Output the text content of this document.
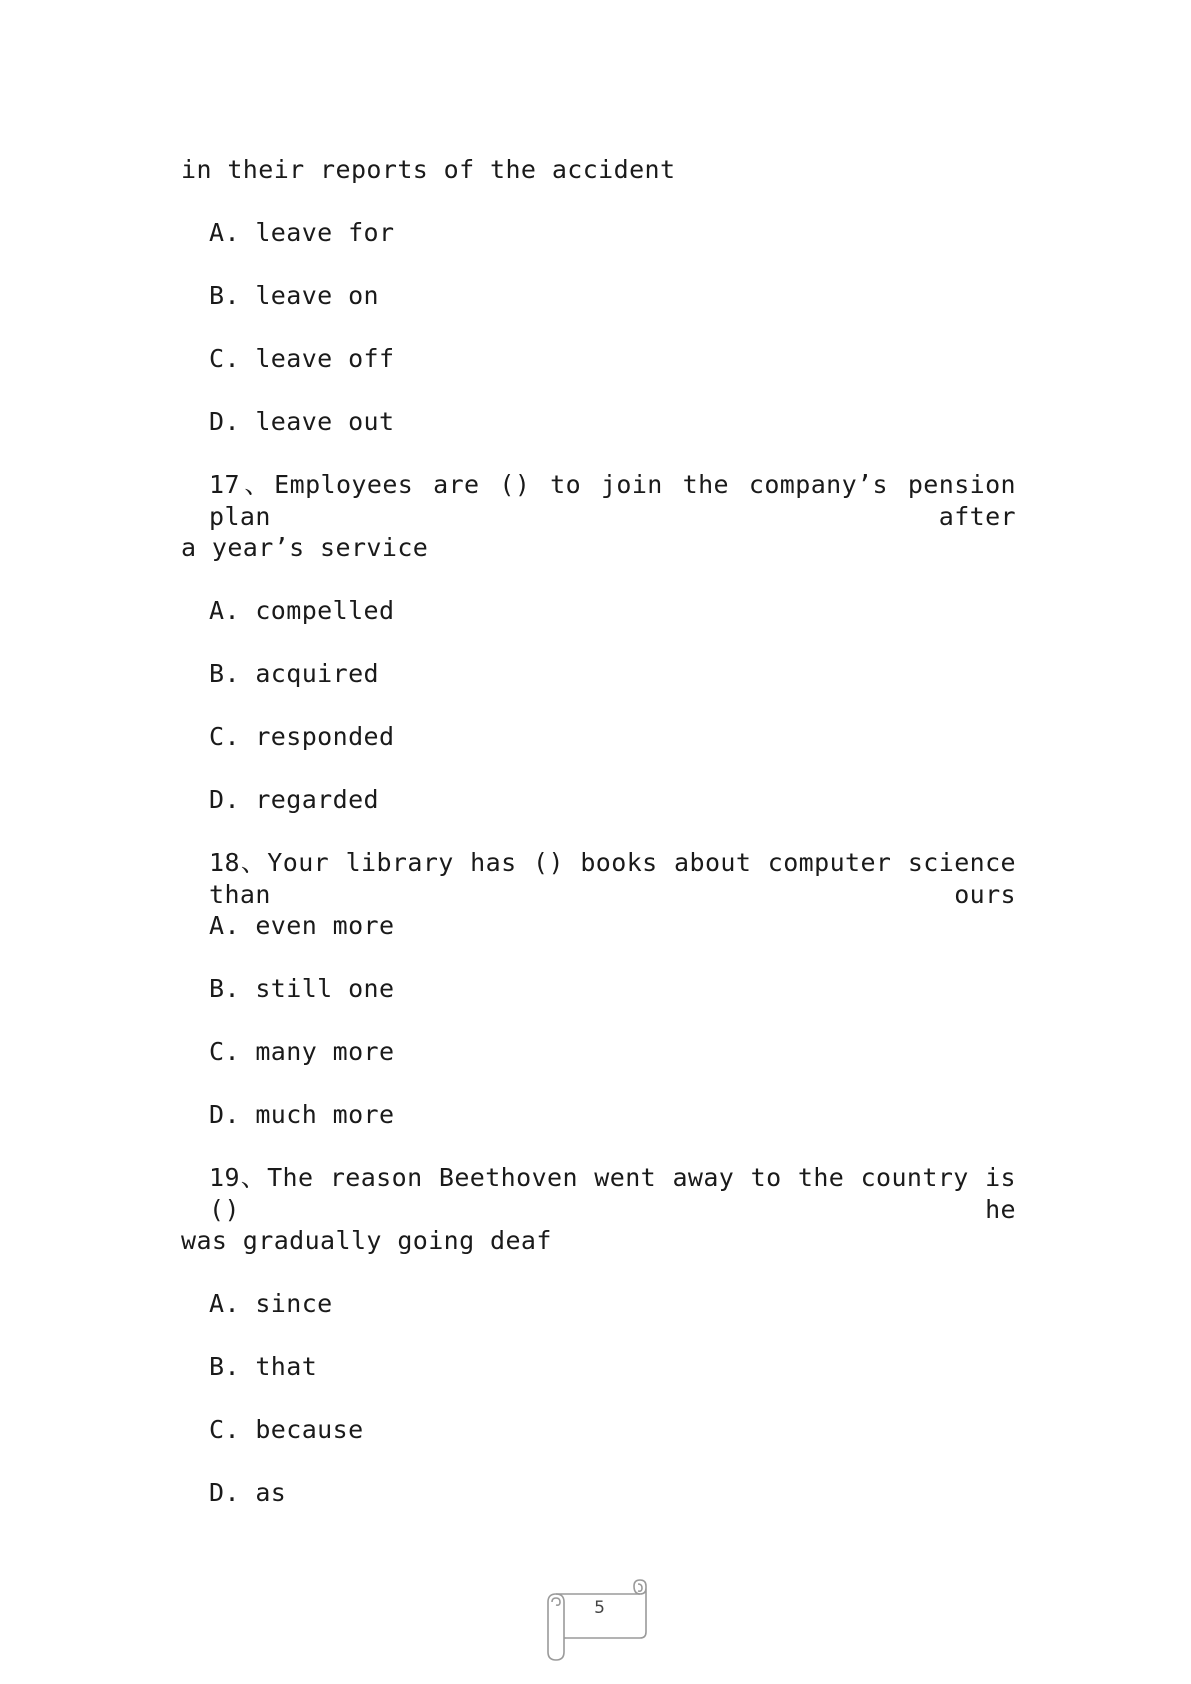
in their reports of the accident
A. leave for
B. leave on
C. leave off
D. leave out
17、Employees are () to join the company’s pension plan after
a year’s service
A. compelled
B. acquired
C. responded
D. regarded
18、Your library has () books about computer science than ours
A. even more
B. still one
C. many more
D. much more
19、The reason Beethoven went away to the country is () he
was gradually going deaf
A. since
B. that
C. because
D. as
5
